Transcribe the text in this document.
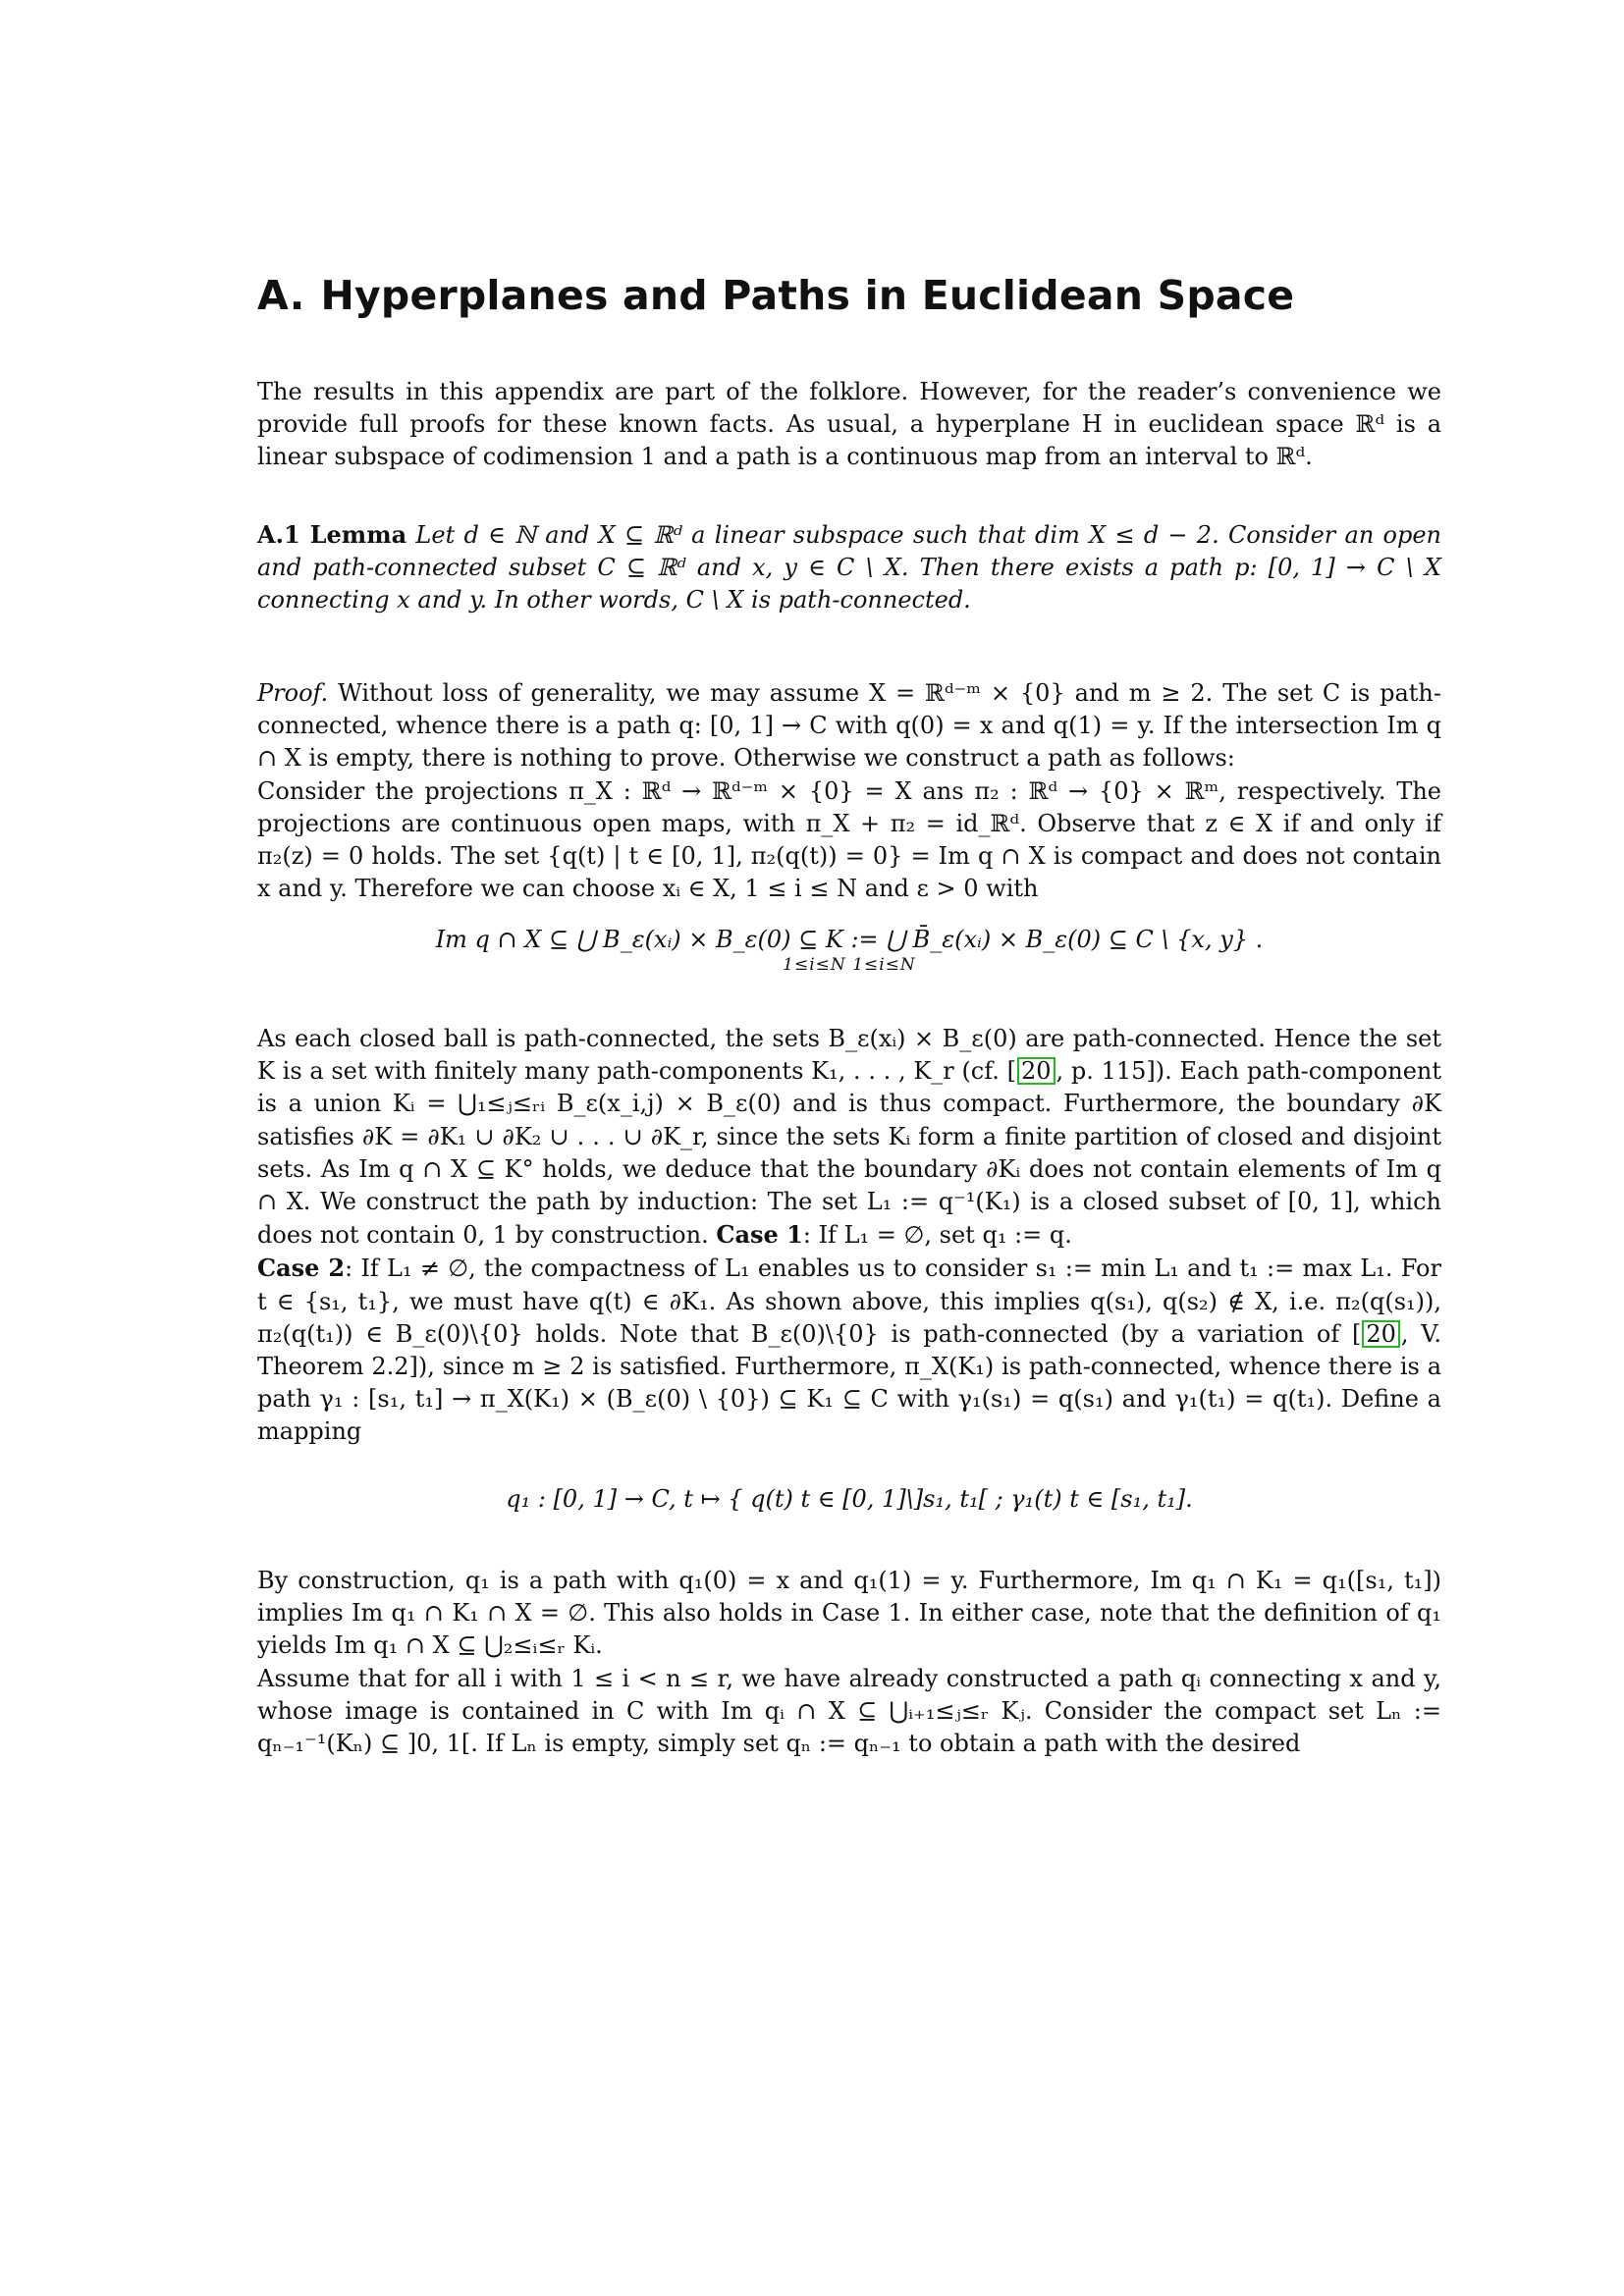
A. Hyperplanes and Paths in Euclidean Space
The results in this appendix are part of the folklore. However, for the reader’s convenience we provide full proofs for these known facts. As usual, a hyperplane H in euclidean space ℝᵈ is a linear subspace of codimension 1 and a path is a continuous map from an interval to ℝᵈ.
A.1 Lemma Let d ∈ ℕ and X ⊆ ℝᵈ a linear subspace such that dim X ≤ d − 2. Consider an open and path-connected subset C ⊆ ℝᵈ and x, y ∈ C \ X. Then there exists a path p: [0, 1] → C \ X connecting x and y. In other words, C \ X is path-connected.
Proof. Without loss of generality, we may assume X = ℝᵈ⁻ᵐ × {0} and m ≥ 2. The set C is path-connected, whence there is a path q: [0, 1] → C with q(0) = x and q(1) = y. If the intersection Im q ∩ X is empty, there is nothing to prove. Otherwise we construct a path as follows:
Consider the projections π_X : ℝᵈ → ℝᵈ⁻ᵐ × {0} = X ans π₂ : ℝᵈ → {0} × ℝᵐ, respectively. The projections are continuous open maps, with π_X + π₂ = id_ℝᵈ. Observe that z ∈ X if and only if π₂(z) = 0 holds. The set {q(t) | t ∈ [0, 1], π₂(q(t)) = 0} = Im q ∩ X is compact and does not contain x and y. Therefore we can choose xᵢ ∈ X, 1 ≤ i ≤ N and ε > 0 with
Im q ∩ X ⊆ ⋃ B_ε(xᵢ) × B_ε(0) ⊆ K := ⋃ B̄_ε(xᵢ) × B_ε(0) ⊆ C \ {x, y} .
1≤i≤N 1≤i≤N
As each closed ball is path-connected, the sets B_ε(xᵢ) × B_ε(0) are path-connected. Hence the set K is a set with finitely many path-components K₁, . . . , K_r (cf. [ 20 , p. 115]). Each path-component is a union Kᵢ = ⋃₁≤ⱼ≤ᵣᵢ B_ε(x_i,j) × B_ε(0) and is thus compact. Furthermore, the boundary ∂K satisfies ∂K = ∂K₁ ∪ ∂K₂ ∪ . . . ∪ ∂K_r, since the sets Kᵢ form a finite partition of closed and disjoint sets. As Im q ∩ X ⊆ K° holds, we deduce that the boundary ∂Kᵢ does not contain elements of Im q ∩ X. We construct the path by induction: The set L₁ := q⁻¹(K₁) is a closed subset of [0, 1], which does not contain 0, 1 by construction. Case 1: If L₁ = ∅, set q₁ := q.
Case 2: If L₁ ≠ ∅, the compactness of L₁ enables us to consider s₁ := min L₁ and t₁ := max L₁. For t ∈ {s₁, t₁}, we must have q(t) ∈ ∂K₁. As shown above, this implies q(s₁), q(s₂) ∉ X, i.e. π₂(q(s₁)), π₂(q(t₁)) ∈ B_ε(0)\{0} holds. Note that B_ε(0)\{0} is path-connected (by a variation of [ 20 , V. Theorem 2.2]), since m ≥ 2 is satisfied. Furthermore, π_X(K₁) is path-connected, whence there is a path γ₁ : [s₁, t₁] → π_X(K₁) × (B_ε(0) \ {0}) ⊆ K₁ ⊆ C with γ₁(s₁) = q(s₁) and γ₁(t₁) = q(t₁). Define a mapping
q₁ : [0, 1] → C, t ↦ { q(t) t ∈ [0, 1]\]s₁, t₁[ ; γ₁(t) t ∈ [s₁, t₁].
By construction, q₁ is a path with q₁(0) = x and q₁(1) = y. Furthermore, Im q₁ ∩ K₁ = q₁([s₁, t₁]) implies Im q₁ ∩ K₁ ∩ X = ∅. This also holds in Case 1. In either case, note that the definition of q₁ yields Im q₁ ∩ X ⊆ ⋃₂≤ᵢ≤ᵣ Kᵢ.
Assume that for all i with 1 ≤ i < n ≤ r, we have already constructed a path qᵢ connecting x and y, whose image is contained in C with Im qᵢ ∩ X ⊆ ⋃ᵢ₊₁≤ⱼ≤ᵣ Kⱼ. Consider the compact set Lₙ := qₙ₋₁⁻¹(Kₙ) ⊆ ]0, 1[. If Lₙ is empty, simply set qₙ := qₙ₋₁ to obtain a path with the desired
